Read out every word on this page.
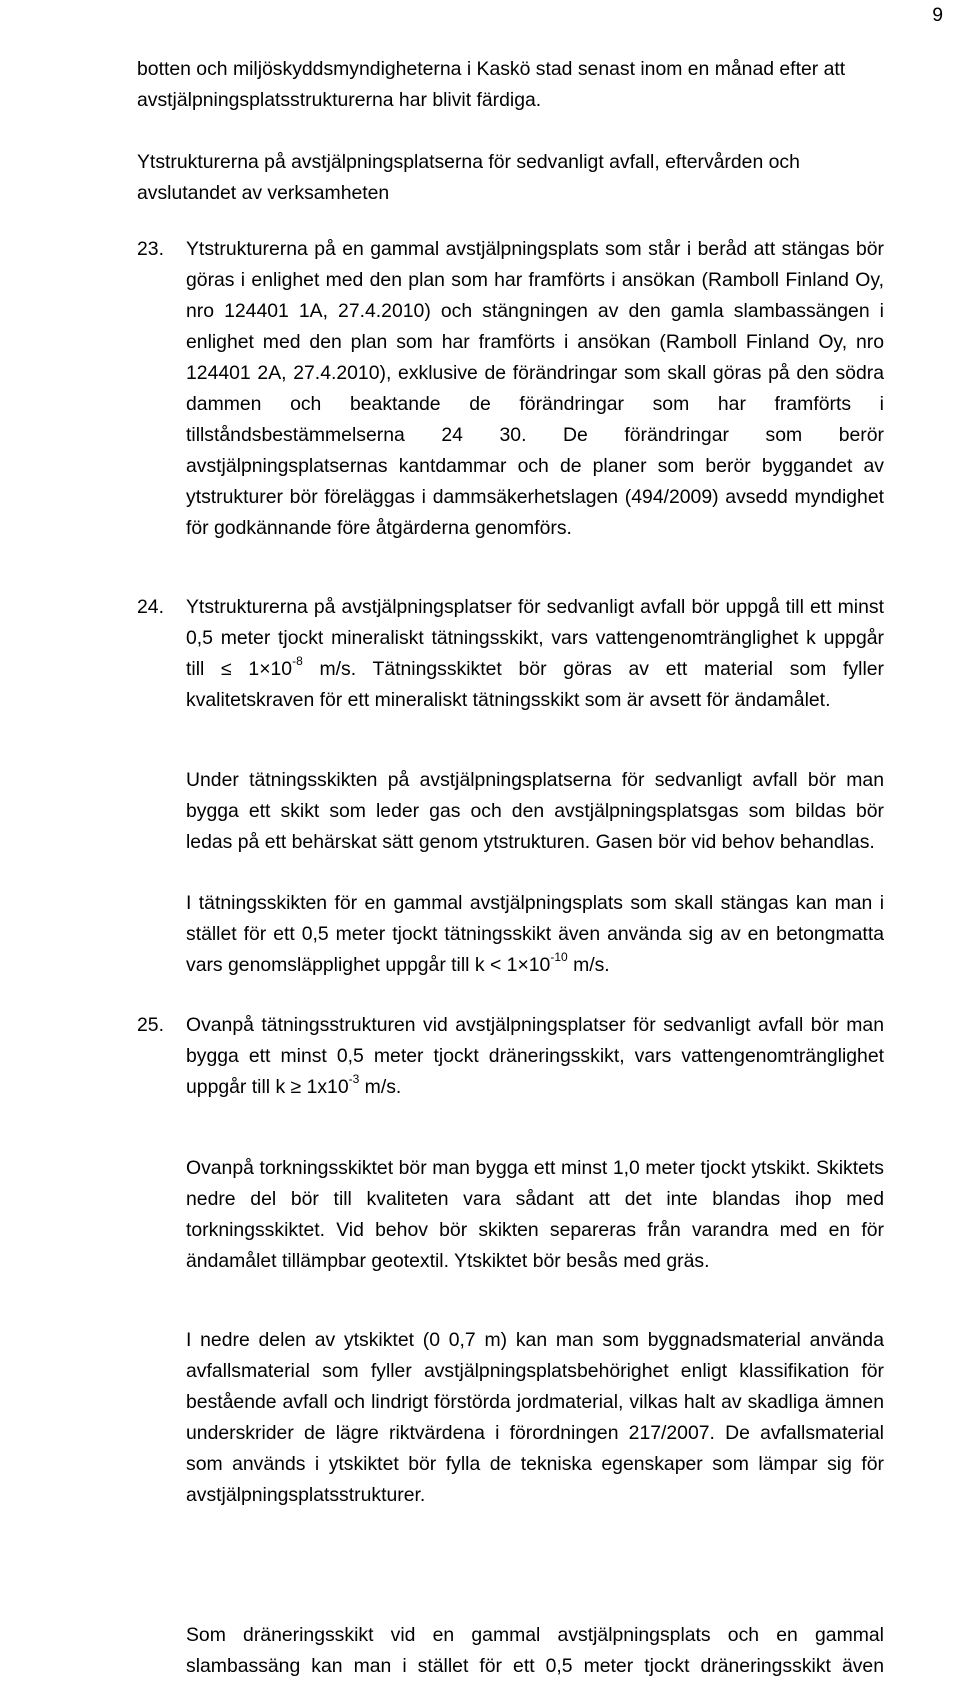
9

botten och miljöskyddsmyndigheterna i Kaskö stad senast inom en månad efter att avstjälpningsplatsstrukturerna har blivit färdiga.

Ytstrukturerna på avstjälpningsplatserna för sedvanligt avfall, eftervården och avslutandet av verksamheten

23.	Ytstrukturerna på en gammal avstjälpningsplats som står i beråd att stängas bör göras i enlighet med den plan som har framförts i ansökan (Ramboll Finland Oy, nro 124401 1A, 27.4.2010) och stängningen av den gamla slambassängen i enlighet med den plan som har framförts i ansökan (Ramboll Finland Oy, nro 124401 2A, 27.4.2010), exklusive de förändringar som skall göras på den södra dammen och beaktande de förändringar som har framförts i tillståndsbestämmelserna 24 30. De förändringar som berör avstjälpningsplatsernas kantdammar och de planer som berör byggandet av ytstrukturer bör föreläggas i dammsäkerhetslagen (494/2009) avsedd myndighet för godkännande före åtgärderna genomförs.

24.	Ytstrukturerna på avstjälpningsplatser för sedvanligt avfall bör uppgå till ett minst 0,5 meter tjockt mineraliskt tätningsskikt, vars vattengenomtränglighet k uppgår till ≤ $1\times 10^{-8}$ m/s. Tätningsskiktet bör göras av ett material som fyller kvalitetskraven för ett mineraliskt tätningsskikt som är avsett för ändamålet.

Under tätningsskikten på avstjälpningsplatserna för sedvanligt avfall bör man bygga ett skikt som leder gas och den avstjälpningsplatsgas som bildas bör ledas på ett behärskat sätt genom ytstrukturen. Gasen bör vid behov behandlas.

I tätningsskikten för en gammal avstjälpningsplats som skall stängas kan man i stället för ett 0,5 meter tjockt tätningsskikt även använda sig av en betongmatta vars genomsläpplighet uppgår till $k < 1\times 10^{-10}$ m/s.

25.	Ovanpå tätningsstrukturen vid avstjälpningsplatser för sedvanligt avfall bör man bygga ett minst 0,5 meter tjockt dräneringsskikt, vars vattengenomtränglighet uppgår till $k \ge 1x10^{-3}$ m/s.

Ovanpå torkningsskiktet bör man bygga ett minst 1,0 meter tjockt ytskikt. Skiktets nedre del bör till kvaliteten vara sådant att det inte blandas ihop med torkningsskiktet. Vid behov bör skikten separeras från varandra med en för ändamålet tillämpbar geotextil. Ytskiktet bör besås med gräs.

I nedre delen av ytskiktet (0 0,7 m) kan man som byggnadsmaterial använda avfallsmaterial som fyller avstjälpningsplatsbehörighet enligt klassifikation för bestående avfall och lindrigt förstörda jordmaterial, vilkas halt av skadliga ämnen underskrider de lägre riktvärdena i förordningen 217/2007. De avfallsmaterial som används i ytskiktet bör fylla de tekniska egenskaper som lämpar sig för avstjälpningsplatsstrukturer.

Som dräneringsskikt vid en gammal avstjälpningsplats och en gammal slambassäng kan man i stället för ett 0,5 meter tjockt dräneringsskikt även
